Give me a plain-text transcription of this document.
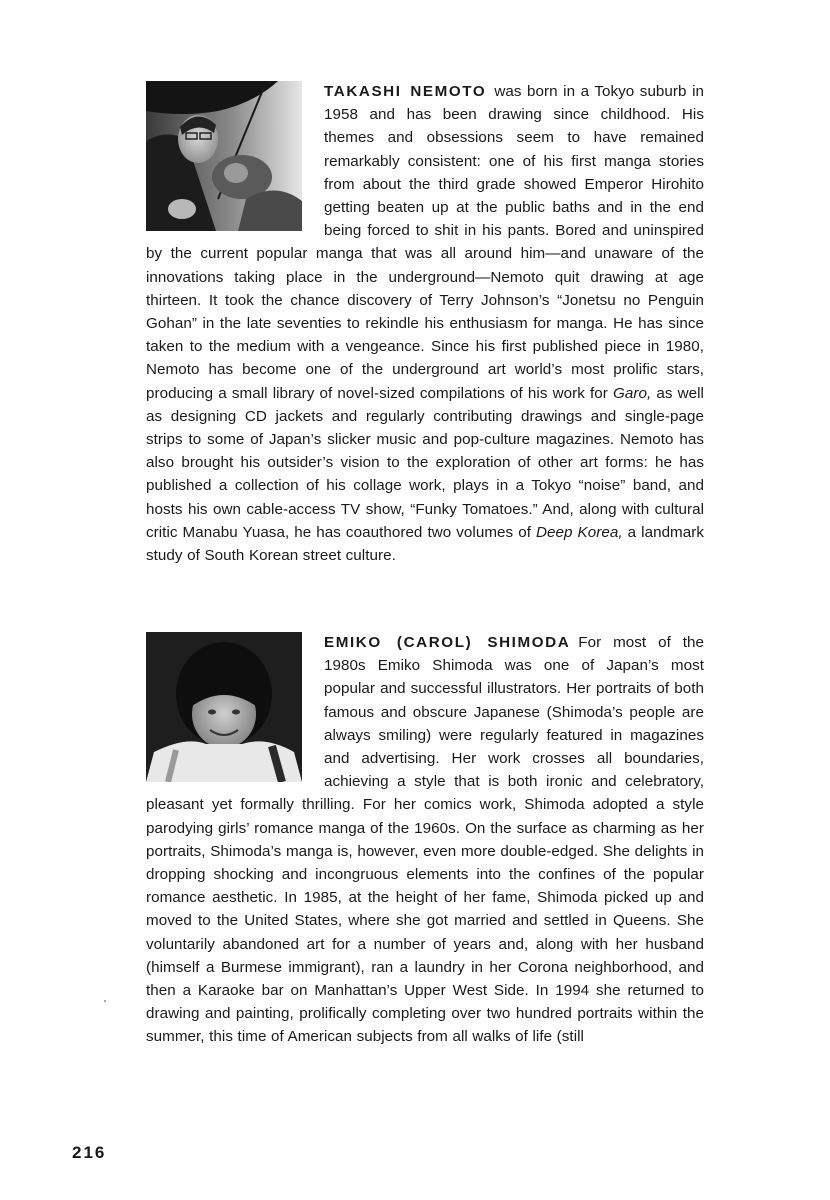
TAKASHI NEMOTO was born in a Tokyo suburb in 1958 and has been drawing since childhood. His themes and obsessions seem to have remained remarkably consistent: one of his first manga stories from about the third grade showed Emperor Hirohito getting beaten up at the public baths and in the end being forced to shit in his pants. Bored and uninspired by the current popular manga that was all around him—and unaware of the innovations taking place in the underground—Nemoto quit drawing at age thirteen. It took the chance discovery of Terry Johnson’s “Jonetsu no Penguin Gohan” in the late seventies to rekindle his enthusiasm for manga. He has since taken to the medium with a vengeance. Since his first published piece in 1980, Nemoto has become one of the underground art world’s most prolific stars, producing a small library of novel-sized compilations of his work for Garo, as well as designing CD jackets and regularly contributing drawings and single-page strips to some of Japan’s slicker music and pop-culture magazines. Nemoto has also brought his outsider’s vision to the exploration of other art forms: he has published a collection of his collage work, plays in a Tokyo “noise” band, and hosts his own cable-access TV show, “Funky Tomatoes.” And, along with cultural critic Manabu Yuasa, he has coauthored two volumes of Deep Korea, a landmark study of South Korean street culture.

EMIKO (CAROL) SHIMODA For most of the 1980s Emiko Shimoda was one of Japan’s most popular and successful illustrators. Her portraits of both famous and obscure Japanese (Shimoda’s people are always smiling) were regularly featured in magazines and advertising. Her work crosses all boundaries, achieving a style that is both ironic and celebratory, pleasant yet formally thrilling. For her comics work, Shimoda adopted a style parodying girls’ romance manga of the 1960s. On the surface as charming as her portraits, Shimoda’s manga is, however, even more double-edged. She delights in dropping shocking and incongruous elements into the confines of the popular romance aesthetic. In 1985, at the height of her fame, Shimoda picked up and moved to the United States, where she got married and settled in Queens. She voluntarily abandoned art for a number of years and, along with her husband (himself a Burmese immigrant), ran a laundry in her Corona neighborhood, and then a Karaoke bar on Manhattan’s Upper West Side. In 1994 she returned to drawing and painting, prolifically completing over two hundred portraits within the summer, this time of American subjects from all walks of life (still

216
